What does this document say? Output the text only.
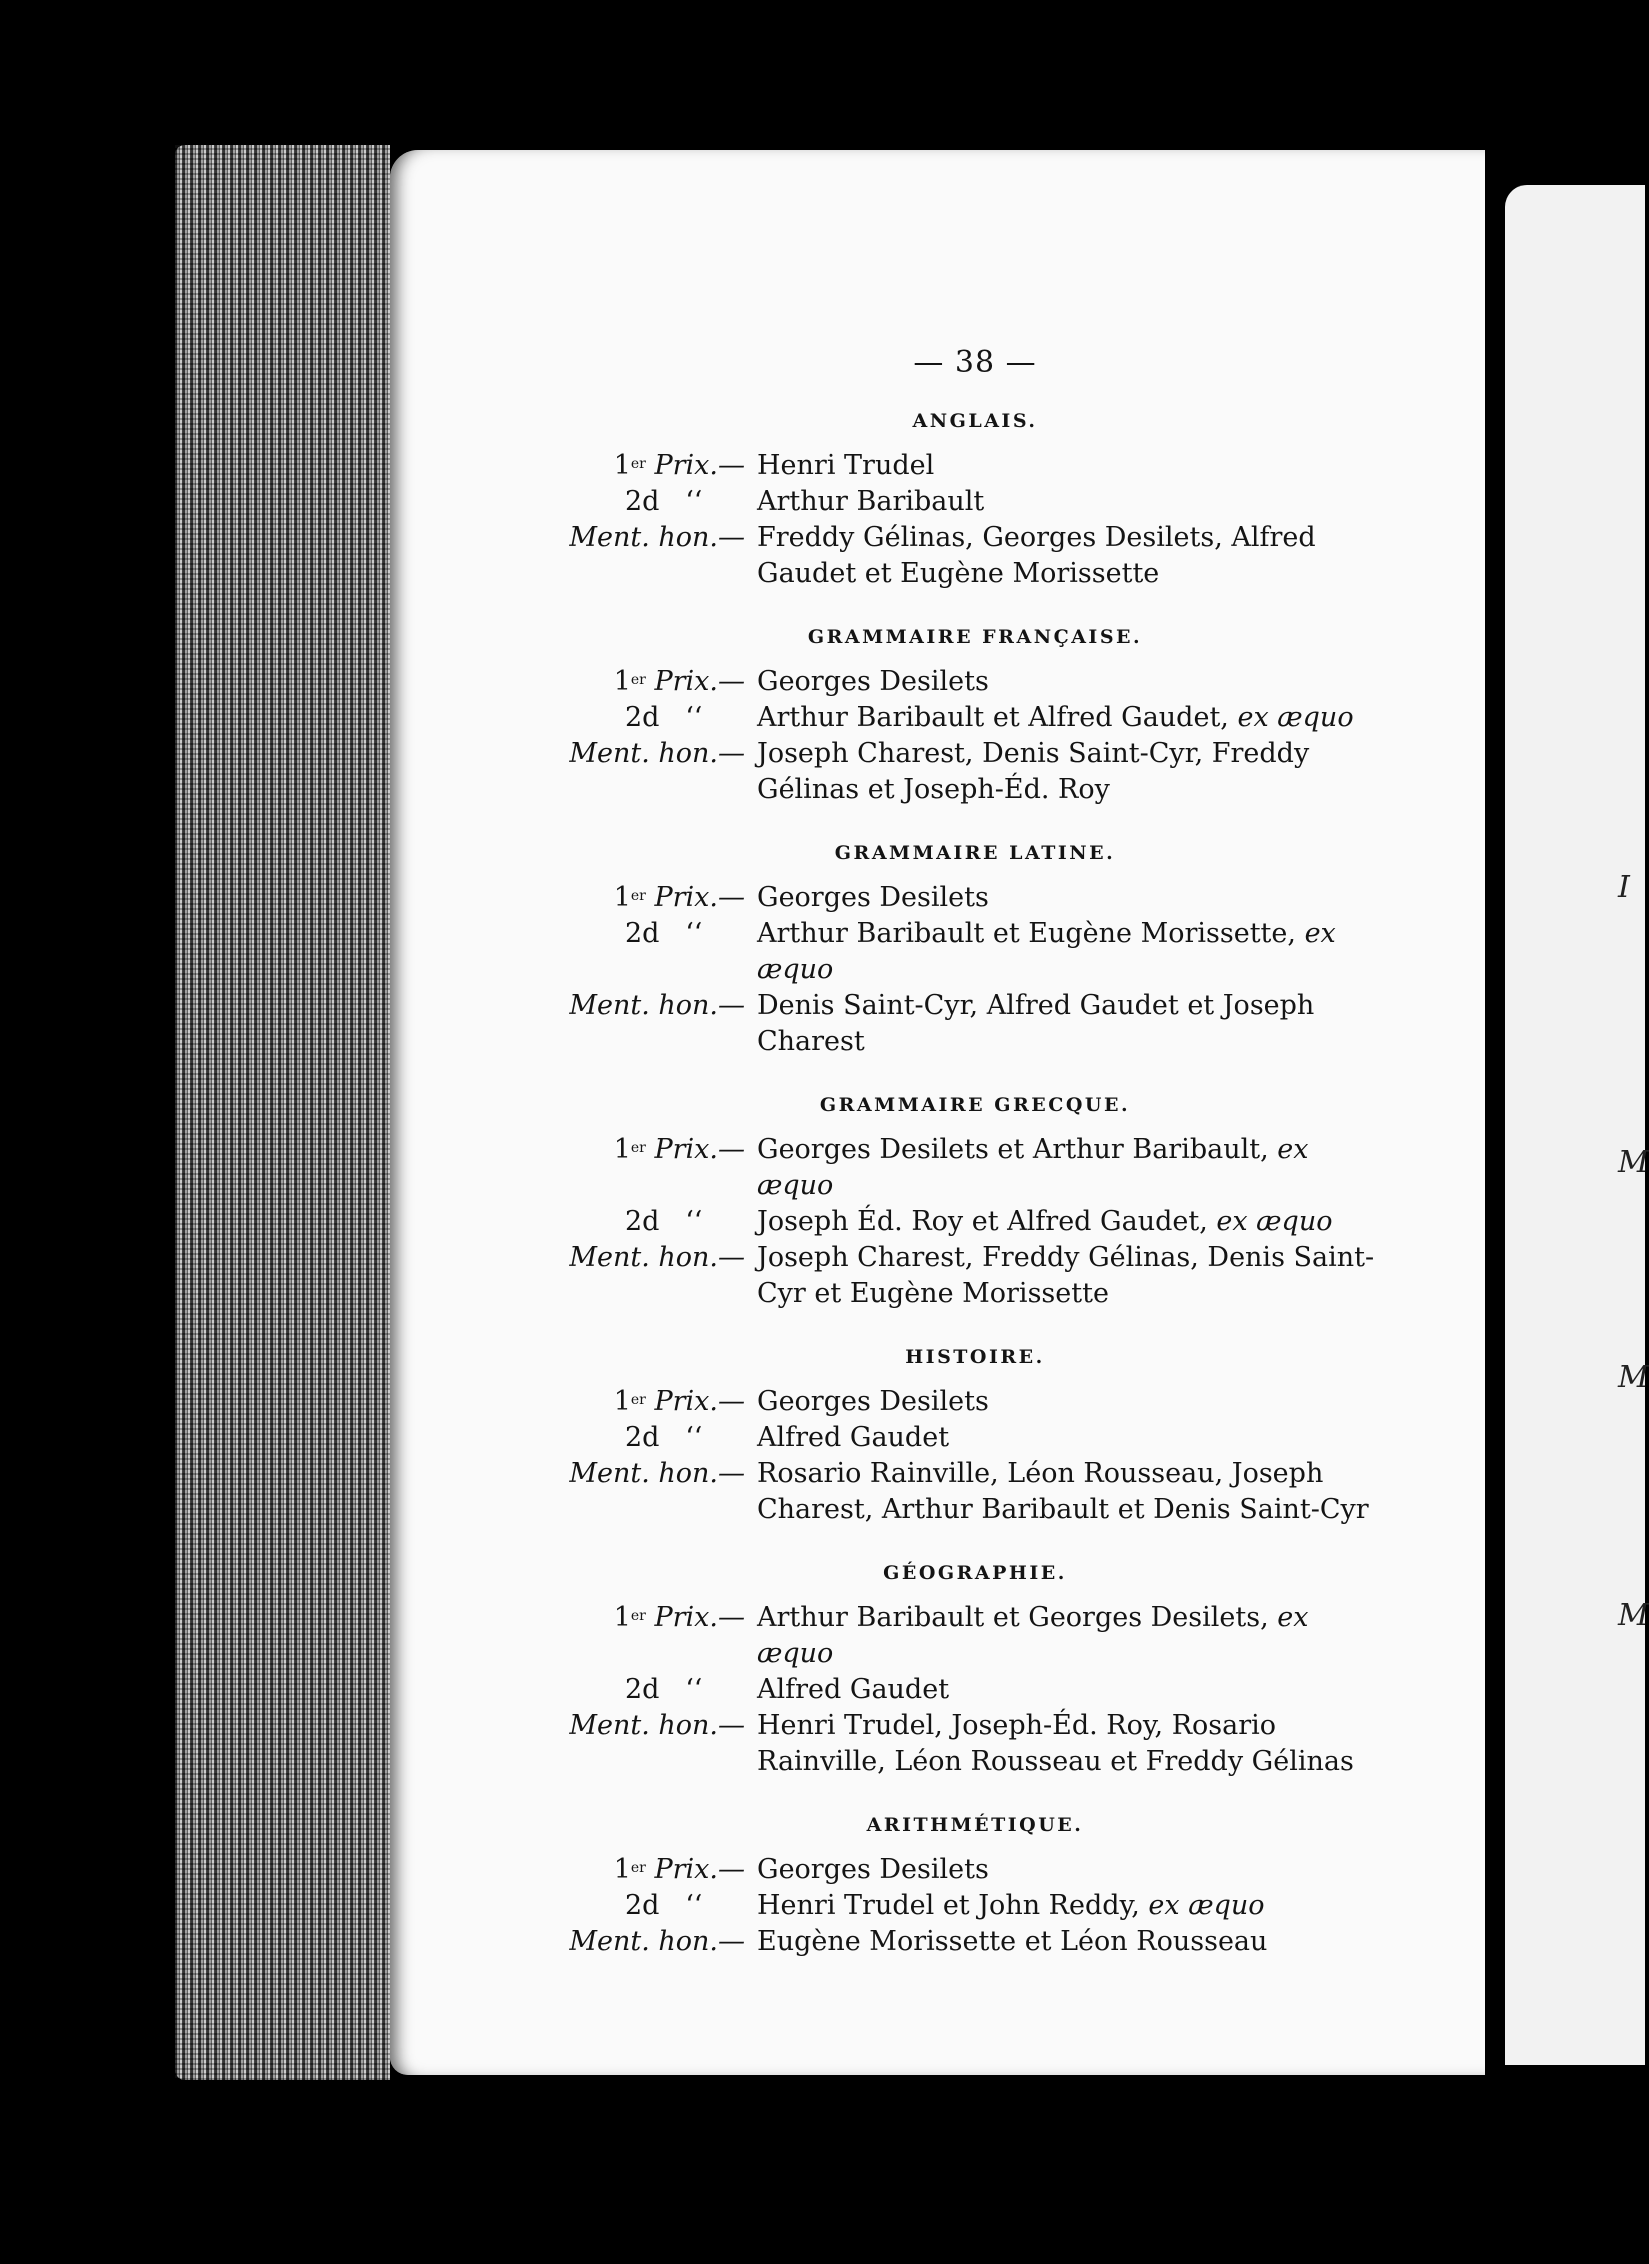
I
M
M
M
— 38 —
ANGLAIS.
1er Prix.— Henri Trudel
2d   ‘‘	Arthur Baribault
Ment. hon.— Freddy Gélinas, Georges Desilets, Alfred Gaudet et Eugène Morissette
GRAMMAIRE FRANÇAISE.
1er Prix.— Georges Desilets
2d   ‘‘	Arthur Baribault et Alfred Gaudet, ex æquo
Ment. hon.— Joseph Charest, Denis Saint-Cyr, Freddy Gélinas et Joseph-Éd. Roy
GRAMMAIRE LATINE.
1er Prix.— Georges Desilets
2d   ‘‘	Arthur Baribault et Eugène Morissette, ex æquo
Ment. hon.— Denis Saint-Cyr, Alfred Gaudet et Joseph Charest
GRAMMAIRE GRECQUE.
1er Prix.— Georges Desilets et Arthur Baribault, ex æquo
2d   ‘‘	Joseph Éd. Roy et Alfred Gaudet, ex æquo
Ment. hon.— Joseph Charest, Freddy Gélinas, Denis Saint-Cyr et Eugène Morissette
HISTOIRE.
1er Prix.— Georges Desilets
2d   ‘‘	Alfred Gaudet
Ment. hon.— Rosario Rainville, Léon Rousseau, Joseph Charest, Arthur Baribault et Denis Saint-Cyr
GÉOGRAPHIE.
1er Prix.— Arthur Baribault et Georges Desilets, ex æquo
2d   ‘‘	Alfred Gaudet
Ment. hon.— Henri Trudel, Joseph-Éd. Roy, Rosario Rainville, Léon Rousseau et Freddy Gélinas
ARITHMÉTIQUE.
1er Prix.— Georges Desilets
2d   ‘‘	Henri Trudel et John Reddy, ex æquo
Ment. hon.— Eugène Morissette et Léon Rousseau
